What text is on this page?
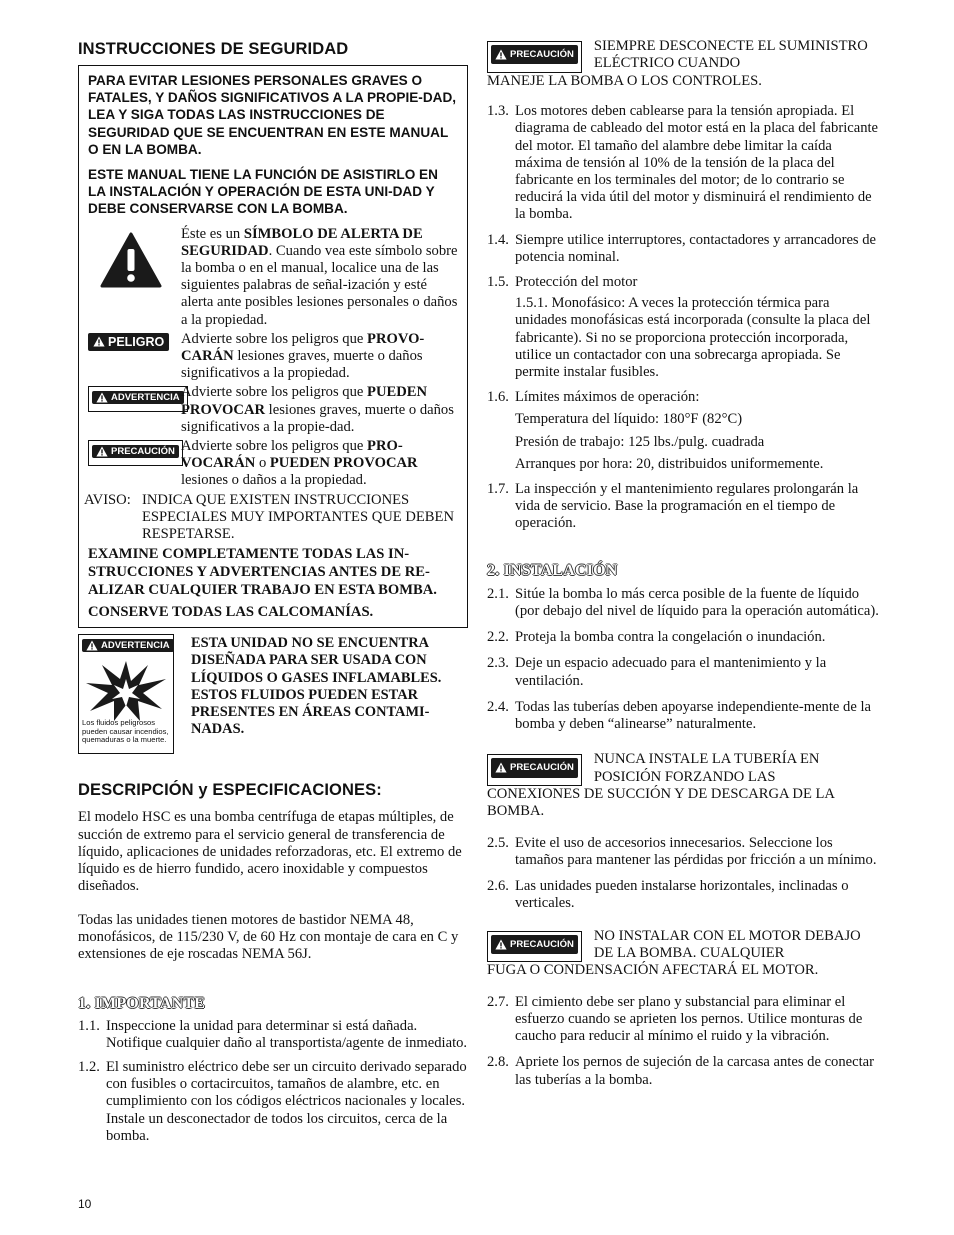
INSTRUCCIONES DE SEGURIDAD

PARA EVITAR LESIONES PERSONALES GRAVES O FATALES, Y DAÑOS SIGNIFICATIVOS A LA PROPIE-DAD, LEA Y SIGA TODAS LAS INSTRUCCIONES DE SEGURIDAD QUE SE ENCUENTRAN EN ESTE MANUAL O EN LA BOMBA.

ESTE MANUAL TIENE LA FUNCIÓN DE ASISTIRLO EN LA INSTALACIÓN Y OPERACIÓN DE ESTA UNI-DAD Y DEBE CONSERVARSE CON LA BOMBA.

Éste es un SÍMBOLO DE ALERTA DE SEGURIDAD. Cuando vea este símbolo sobre la bomba o en el manual, localice una de las siguientes palabras de señal-ización y esté alerta ante posibles lesiones personales o daños a la propiedad.
PELIGRO Advierte sobre los peligros que PROVO-CARÁN lesiones graves, muerte o daños significativos a la propiedad.
ADVERTENCIA Advierte sobre los peligros que PUEDEN PROVOCAR lesiones graves, muerte o daños significativos a la propie-dad.
PRECAUCIÓN Advierte sobre los peligros que PRO-VOCARÁN o PUEDEN PROVOCAR lesiones o daños a la propiedad.
AVISO: INDICA QUE EXISTEN INSTRUCCIONES ESPECIALES MUY IMPORTANTES QUE DEBEN RESPETARSE.

EXAMINE COMPLETAMENTE TODAS LAS IN-STRUCCIONES Y ADVERTENCIAS ANTES DE RE-ALIZAR CUALQUIER TRABAJO EN ESTA BOMBA.

CONSERVE TODAS LAS CALCOMANÍAS.

ADVERTENCIA
Los fluidos peligrosos pueden causar incendios, quemaduras o la muerte.
ESTA UNIDAD NO SE ENCUENTRA DISEÑADA PARA SER USADA CON LÍQUIDOS O GASES INFLAMABLES. ESTOS FLUIDOS PUEDEN ESTAR PRESENTES EN ÁREAS CONTAMI-NADAS.
DESCRIPCIÓN y ESPECIFICACIONES:

El modelo HSC es una bomba centrífuga de etapas múltiples, de succión de extremo para el servicio general de transferencia de líquido, aplicaciones de unidades reforzadoras, etc. El extremo de líquido es de hierro fundido, acero inoxidable y compuestos diseñados.

Todas las unidades tienen motores de bastidor NEMA 48, monofásicos, de 115/230 V, de 60 Hz con montaje de cara en C y extensiones de eje roscadas NEMA 56J.

1. IMPORTANTE
1.1. Inspeccione la unidad para determinar si está dañada. Notifique cualquier daño al transportista/agente de inmediato.
1.2. El suministro eléctrico debe ser un circuito derivado separado con fusibles o cortacircuitos, tamaños de alambre, etc. en cumplimiento con los códigos eléctricos nacionales y locales. Instale un desconectador de todos los circuitos, cerca de la bomba.
PRECAUCIÓN
SIEMPRE DESCONECTE EL SUMINISTRO ELÉCTRICO CUANDO
MANEJE LA BOMBA O LOS CONTROLES.
1.3. Los motores deben cablearse para la tensión apropiada. El diagrama de cableado del motor está en la placa del fabricante del motor. El tamaño del alambre debe limitar la caída máxima de tensión al 10% de la tensión de la placa del fabricante en los terminales del motor; de lo contrario se reducirá la vida útil del motor y disminuirá el rendimiento de la bomba.
1.4. Siempre utilice interruptores, contactadores y arrancadores de potencia nominal.
1.5. Protección del motor

1.5.1. Monofásico: A veces la protección térmica para unidades monofásicas está incorporada (consulte la placa del fabricante). Si no se proporciona protección incorporada, utilice un contactador con una sobrecarga apropiada. Se permite instalar fusibles.

1.6. Límites máximos de operación:

Temperatura del líquido: 180°F (82°C)

Presión de trabajo: 125 lbs./pulg. cuadrada

Arranques por hora: 20, distribuidos uniformemente.

1.7. La inspección y el mantenimiento regulares prolongarán la vida de servicio. Base la programación en el tiempo de operación.
2. INSTALACIÓN
2.1. Sitúe la bomba lo más cerca posible de la fuente de líquido (por debajo del nivel de líquido para la operación automática).
2.2. Proteja la bomba contra la congelación o inundación.
2.3. Deje un espacio adecuado para el mantenimiento y la ventilación.
2.4. Todas las tuberías deben apoyarse independiente-mente de la bomba y deben “alinearse” naturalmente.
PRECAUCIÓN
NUNCA INSTALE LA TUBERÍA EN POSICIÓN FORZANDO LAS
CONEXIONES DE SUCCIÓN Y DE DESCARGA DE LA BOMBA.
2.5. Evite el uso de accesorios innecesarios. Seleccione los tamaños para mantener las pérdidas por fricción a un mínimo.
2.6. Las unidades pueden instalarse horizontales, inclinadas o verticales.
PRECAUCIÓN
NO INSTALAR CON EL MOTOR DEBAJO DE LA BOMBA. CUALQUIER
FUGA O CONDENSACIÓN AFECTARÁ EL MOTOR.
2.7. El cimiento debe ser plano y substancial para eliminar el esfuerzo cuando se aprieten los pernos. Utilice monturas de caucho para reducir al mínimo el ruido y la vibración.
2.8. Apriete los pernos de sujeción de la carcasa antes de conectar las tuberías a la bomba.
10
